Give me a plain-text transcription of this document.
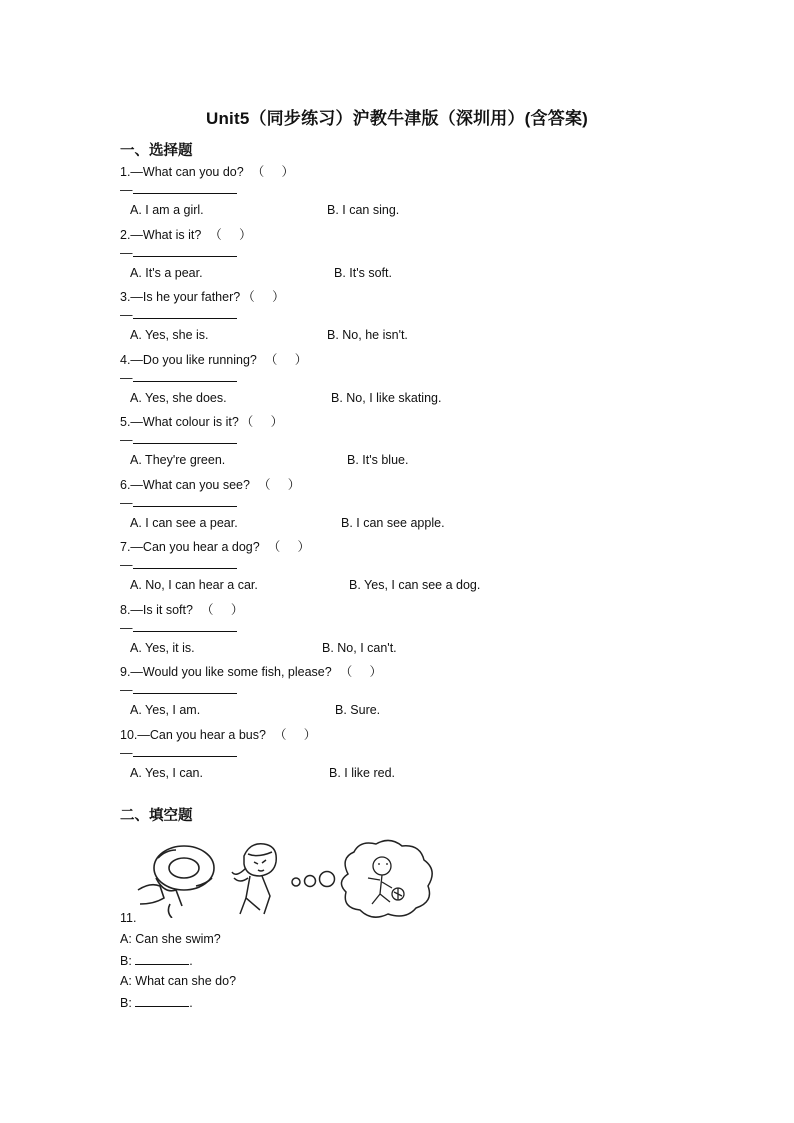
Unit5（同步练习）沪教牛津版（深圳用）(含答案)
一、选择题
1.—What can you do? （     ）
—
A. I am a girl.	B. I can sing.
2.—What is it? （     ）
—
A. It's a pear.	B. It's soft.
3.—Is he your father? （     ）
—
A. Yes, she is.	B. No, he isn't.
4.—Do you like running? （     ）
—
A. Yes, she does.	B. No, I like skating.
5.—What colour is it? （     ）
—
A. They're green.	B. It's blue.
6.—What can you see? （     ）
—
A. I can see a pear.	B. I can see apple.
7.—Can you hear a dog? （     ）
—
A. No, I can hear a car.	B. Yes, I can see a dog.
8.—Is it soft? （     ）
—
A. Yes, it is.	B. No, I can't.
9.—Would you like some fish, please? （     ）
—
A. Yes, I am.	B. Sure.
10.—Can you hear a bus? （     ）
—
A. Yes, I can.	B. I like red.
二、填空题
11.
A: Can she swim?
B:	.
A: What can she do?
B:	.
